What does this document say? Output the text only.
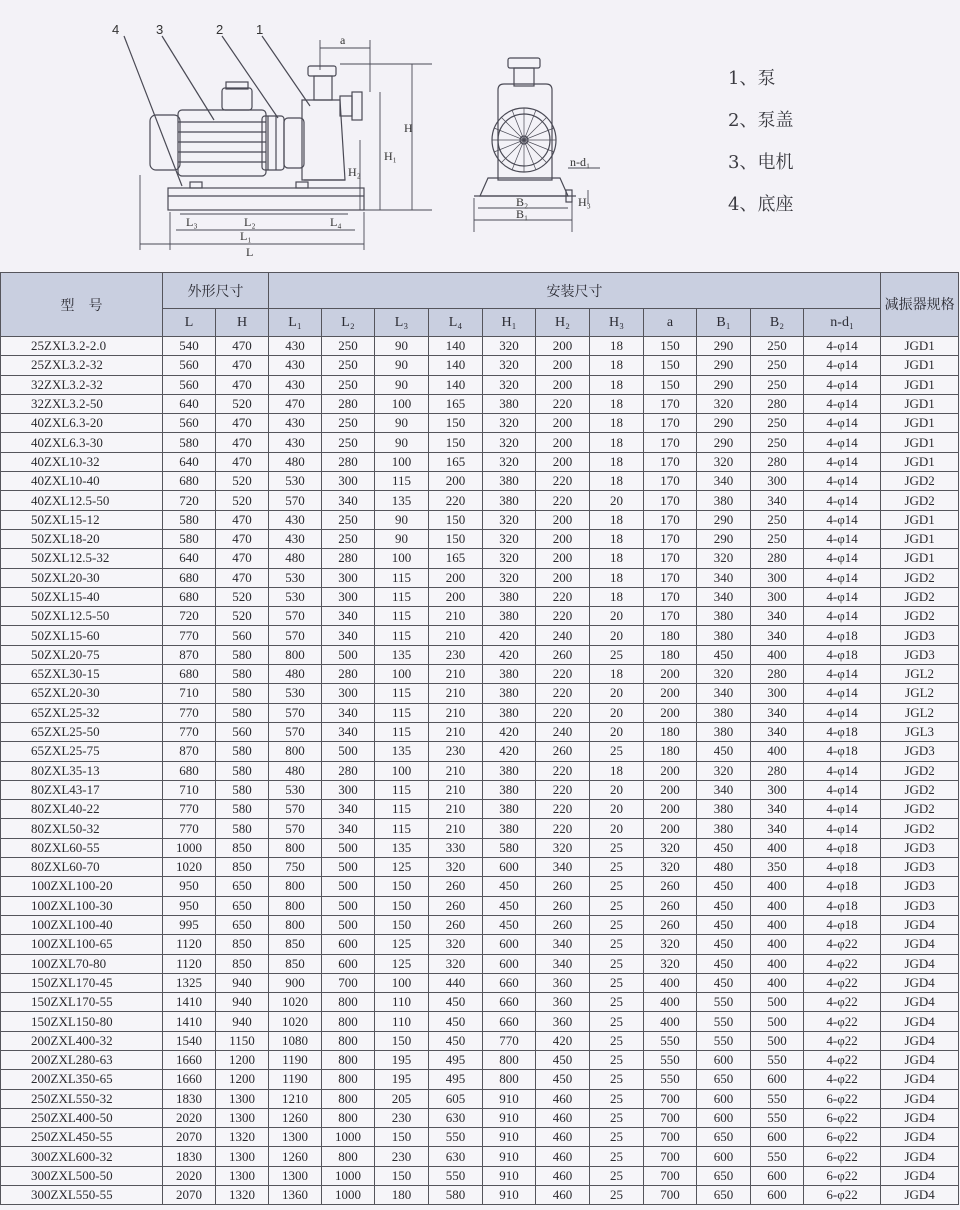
4	3	2	1
a
H
H₁
H₂
L₃	L₂	L₄
L₁
L
n-d₁
H₃
B₂
B₁
1、泵
2、泵盖
3、电机
4、底座
型　号	外形尺寸		安装尺寸											减振器规格
	L	H	L₁	L₂	L₃	L₄	H₁	H₂	H₃	a	B₁	B₂	n-d₁	
25ZXL3.2-2.0	540	470	430	250	90	140	320	200	18	150	290	250	4-φ14	JGD1
25ZXL3.2-32	560	470	430	250	90	140	320	200	18	150	290	250	4-φ14	JGD1
32ZXL3.2-32	560	470	430	250	90	140	320	200	18	150	290	250	4-φ14	JGD1
32ZXL3.2-50	640	520	470	280	100	165	380	220	18	170	320	280	4-φ14	JGD1
40ZXL6.3-20	560	470	430	250	90	150	320	200	18	170	290	250	4-φ14	JGD1
40ZXL6.3-30	580	470	430	250	90	150	320	200	18	170	290	250	4-φ14	JGD1
40ZXL10-32	640	470	480	280	100	165	320	200	18	170	320	280	4-φ14	JGD1
40ZXL10-40	680	520	530	300	115	200	380	220	18	170	340	300	4-φ14	JGD2
40ZXL12.5-50	720	520	570	340	135	220	380	220	20	170	380	340	4-φ14	JGD2
50ZXL15-12	580	470	430	250	90	150	320	200	18	170	290	250	4-φ14	JGD1
50ZXL18-20	580	470	430	250	90	150	320	200	18	170	290	250	4-φ14	JGD1
50ZXL12.5-32	640	470	480	280	100	165	320	200	18	170	320	280	4-φ14	JGD1
50ZXL20-30	680	470	530	300	115	200	320	200	18	170	340	300	4-φ14	JGD2
50ZXL15-40	680	520	530	300	115	200	380	220	18	170	340	300	4-φ14	JGD2
50ZXL12.5-50	720	520	570	340	115	210	380	220	20	170	380	340	4-φ14	JGD2
50ZXL15-60	770	560	570	340	115	210	420	240	20	180	380	340	4-φ18	JGD3
50ZXL20-75	870	580	800	500	135	230	420	260	25	180	450	400	4-φ18	JGD3
65ZXL30-15	680	580	480	280	100	210	380	220	18	200	320	280	4-φ14	JGL2
65ZXL20-30	710	580	530	300	115	210	380	220	20	200	340	300	4-φ14	JGL2
65ZXL25-32	770	580	570	340	115	210	380	220	20	200	380	340	4-φ14	JGL2
65ZXL25-50	770	560	570	340	115	210	420	240	20	180	380	340	4-φ18	JGL3
65ZXL25-75	870	580	800	500	135	230	420	260	25	180	450	400	4-φ18	JGD3
80ZXL35-13	680	580	480	280	100	210	380	220	18	200	320	280	4-φ14	JGD2
80ZXL43-17	710	580	530	300	115	210	380	220	20	200	340	300	4-φ14	JGD2
80ZXL40-22	770	580	570	340	115	210	380	220	20	200	380	340	4-φ14	JGD2
80ZXL50-32	770	580	570	340	115	210	380	220	20	200	380	340	4-φ14	JGD2
80ZXL60-55	1000	850	800	500	135	330	580	320	25	320	450	400	4-φ18	JGD3
80ZXL60-70	1020	850	750	500	125	320	600	340	25	320	480	350	4-φ18	JGD3
100ZXL100-20	950	650	800	500	150	260	450	260	25	260	450	400	4-φ18	JGD3
100ZXL100-30	950	650	800	500	150	260	450	260	25	260	450	400	4-φ18	JGD3
100ZXL100-40	995	650	800	500	150	260	450	260	25	260	450	400	4-φ18	JGD4
100ZXL100-65	1120	850	850	600	125	320	600	340	25	320	450	400	4-φ22	JGD4
100ZXL70-80	1120	850	850	600	125	320	600	340	25	320	450	400	4-φ22	JGD4
150ZXL170-45	1325	940	900	700	100	440	660	360	25	400	450	400	4-φ22	JGD4
150ZXL170-55	1410	940	1020	800	110	450	660	360	25	400	550	500	4-φ22	JGD4
150ZXL150-80	1410	940	1020	800	110	450	660	360	25	400	550	500	4-φ22	JGD4
200ZXL400-32	1540	1150	1080	800	150	450	770	420	25	550	550	500	4-φ22	JGD4
200ZXL280-63	1660	1200	1190	800	195	495	800	450	25	550	600	550	4-φ22	JGD4
200ZXL350-65	1660	1200	1190	800	195	495	800	450	25	550	650	600	4-φ22	JGD4
250ZXL550-32	1830	1300	1210	800	205	605	910	460	25	700	600	550	6-φ22	JGD4
250ZXL400-50	2020	1300	1260	800	230	630	910	460	25	700	600	550	6-φ22	JGD4
250ZXL450-55	2070	1320	1300	1000	150	550	910	460	25	700	650	600	6-φ22	JGD4
300ZXL600-32	1830	1300	1260	800	230	630	910	460	25	700	600	550	6-φ22	JGD4
300ZXL500-50	2020	1300	1300	1000	150	550	910	460	25	700	650	600	6-φ22	JGD4
300ZXL550-55	2070	1320	1360	1000	180	580	910	460	25	700	650	600	6-φ22	JGD4
